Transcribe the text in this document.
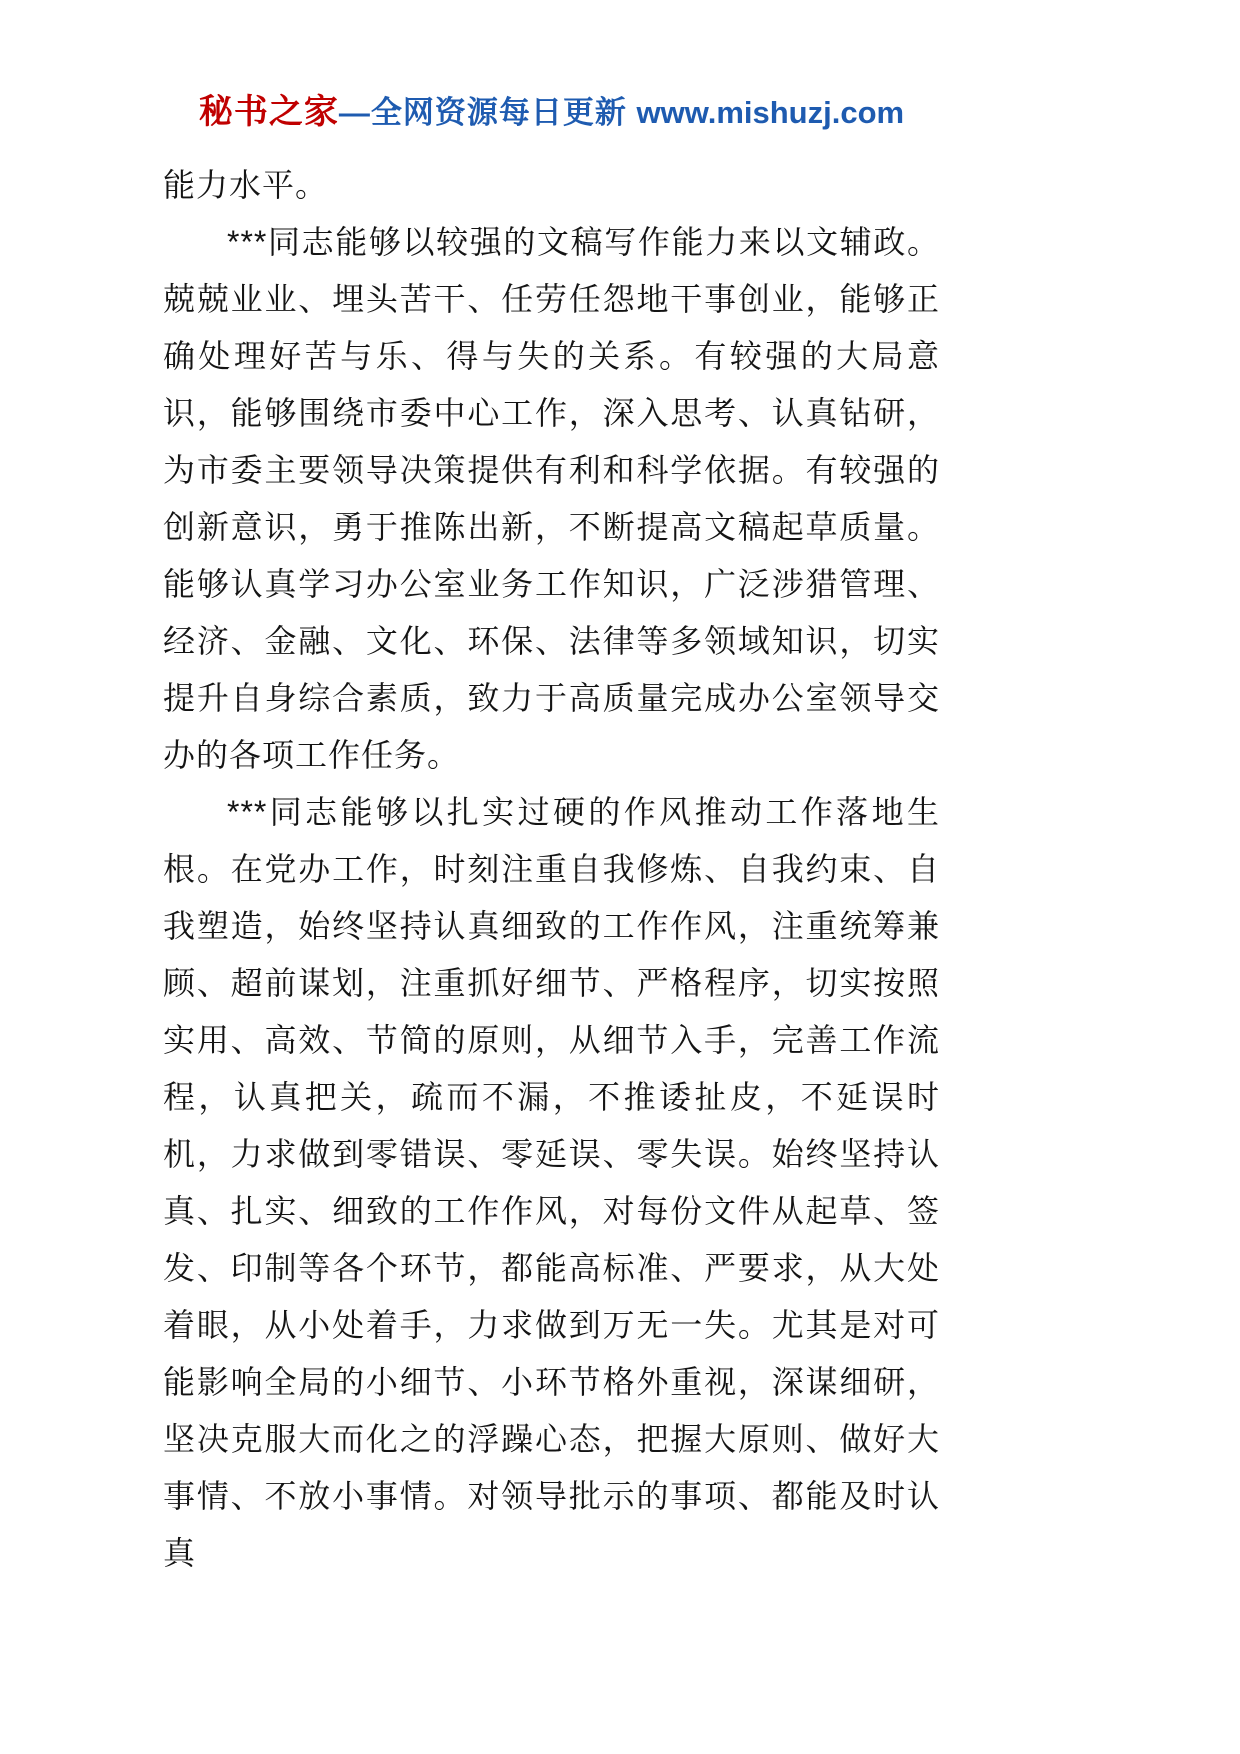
秘书之家—全网资源每日更新 www.mishuzj.com

能力水平。

***同志能够以较强的文稿写作能力来以文辅政。兢兢业业、埋头苦干、任劳任怨地干事创业，能够正确处理好苦与乐、得与失的关系。有较强的大局意识，能够围绕市委中心工作，深入思考、认真钻研，为市委主要领导决策提供有利和科学依据。有较强的创新意识，勇于推陈出新，不断提高文稿起草质量。能够认真学习办公室业务工作知识，广泛涉猎管理、经济、金融、文化、环保、法律等多领域知识，切实提升自身综合素质，致力于高质量完成办公室领导交办的各项工作任务。

***同志能够以扎实过硬的作风推动工作落地生根。在党办工作，时刻注重自我修炼、自我约束、自我塑造，始终坚持认真细致的工作作风，注重统筹兼顾、超前谋划，注重抓好细节、严格程序，切实按照实用、高效、节简的原则，从细节入手，完善工作流程，认真把关，疏而不漏，不推诿扯皮，不延误时机，力求做到零错误、零延误、零失误。始终坚持认真、扎实、细致的工作作风，对每份文件从起草、签发、印制等各个环节，都能高标准、严要求，从大处着眼，从小处着手，力求做到万无一失。尤其是对可能影响全局的小细节、小环节格外重视，深谋细研，坚决克服大而化之的浮躁心态，把握大原则、做好大事情、不放小事情。对领导批示的事项、都能及时认真
